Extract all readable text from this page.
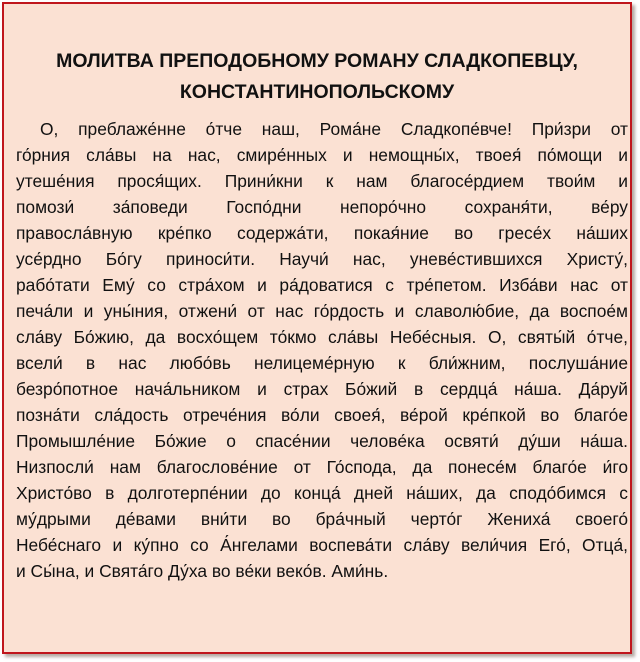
МОЛИТВА ПРЕПОДОБНОМУ РОМАНУ СЛАДКОПЕВЦУ,
КОНСТАНТИНОПОЛЬСКОМУ
О, преблаже́нне о́тче наш, Рома́не Сладкопе́вче! При́зри от
го́рния сла́вы на нас, смире́нных и немощны́х, твоея́ по́мощи и
утеше́ния прося́щих. Прини́кни к нам благосе́рдием твои́м и
помози́ за́поведи Госпо́дни непоро́чно сохраня́ти, ве́ру
правосла́вную кре́пко содержа́ти, покая́ние во гресе́х на́ших
усе́рдно Бо́гу приноси́ти. Научи́ нас, уневе́стившихся Христу́,
рабо́тати Ему́ со стра́хом и ра́доватися с тре́петом. Изба́ви нас от
печа́ли и уны́ния, отжени́ от нас го́рдость и славолю́бие, да воспое́м
сла́ву Бо́жию, да восхо́щем то́кмо сла́вы Небе́сныя. О, святы́й о́тче,
всели́ в нас любо́вь нелицеме́рную к бли́жним, послуша́ние
безро́потное нача́льником и страх Бо́жий в сердца́ на́ша. Да́руй
позна́ти сла́дость отрече́ния во́ли своея́, ве́рой кре́пкой во благо́е
Промышле́ние Бо́жие о спасе́нии челове́ка освяти́ ду́ши на́ша.
Низпосли́ нам благослове́ние от Го́спода, да понесе́м благо́е и́го
Христо́во в долготерпе́нии до конца́ дней на́ших, да сподо́бимся с
му́дрыми де́вами вни́ти во бра́чный черто́г Жениха́ своего́
Небе́снаго и ку́пно со А́нгелами воспева́ти сла́ву вели́чия Его́, Отца́,
и Сы́на, и Свята́го Ду́ха во ве́ки веко́в. Ами́нь.
